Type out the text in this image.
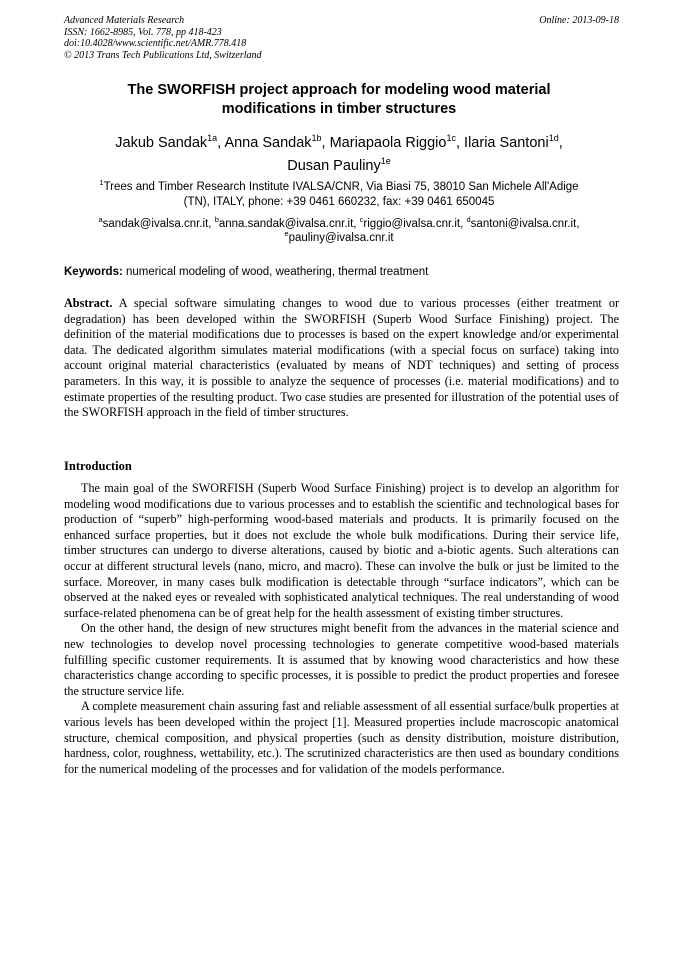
Advanced Materials Research
ISSN: 1662-8985, Vol. 778, pp 418-423
doi:10.4028/www.scientific.net/AMR.778.418
© 2013 Trans Tech Publications Ltd, Switzerland
Online: 2013-09-18
The SWORFISH project approach for modeling wood material
modifications in timber structures
Jakub Sandak$^{1a}$, Anna Sandak$^{1b}$, Mariapaola Riggio$^{1c}$, Ilaria Santoni$^{1d}$,
Dusan Pauliny$^{1e}$
$^1$Trees and Timber Research Institute IVALSA/CNR, Via Biasi 75, 38010 San Michele All'Adige
(TN), ITALY, phone: +39 0461 660232, fax: +39 0461 650045
$^a$sandak@ivalsa.cnr.it, $^b$anna.sandak@ivalsa.cnr.it, $^c$riggio@ivalsa.cnr.it, $^d$santoni@ivalsa.cnr.it,
$^e$pauliny@ivalsa.cnr.it
Keywords: numerical modeling of wood, weathering, thermal treatment
Abstract. A special software simulating changes to wood due to various processes (either treatment or degradation) has been developed within the SWORFISH (Superb Wood Surface Finishing) project. The definition of the material modifications due to processes is based on the expert knowledge and/or experimental data. The dedicated algorithm simulates material modifications (with a special focus on surface) taking into account original material characteristics (evaluated by means of NDT techniques) and setting of process parameters. In this way, it is possible to analyze the sequence of processes (i.e. material modifications) and to estimate properties of the resulting product. Two case studies are presented for illustration of the potential uses of the SWORFISH approach in the field of timber structures.
Introduction

The main goal of the SWORFISH (Superb Wood Surface Finishing) project is to develop an algorithm for modeling wood modifications due to various processes and to establish the scientific and technological bases for production of “superb” high-performing wood-based materials and products. It is primarily focused on the enhanced surface properties, but it does not exclude the whole bulk modifications. During their service life, timber structures can undergo to diverse alterations, caused by biotic and a-biotic agents. Such alterations can occur at different structural levels (nano, micro, and macro). These can involve the bulk or just be limited to the surface. Moreover, in many cases bulk modification is detectable through “surface indicators”, which can be observed at the naked eyes or revealed with sophisticated analytical techniques. The real understanding of wood surface-related phenomena can be of great help for the health assessment of existing timber structures.

On the other hand, the design of new structures might benefit from the advances in the material science and new technologies to develop novel processing technologies to generate competitive wood-based materials fulfilling specific customer requirements. It is assumed that by knowing wood characteristics and how these characteristics change according to specific processes, it is possible to predict the product properties and foresee the structure service life.

A complete measurement chain assuring fast and reliable assessment of all essential surface/bulk properties at various levels has been developed within the project [1]. Measured properties include macroscopic anatomical structure, chemical composition, and physical properties (such as density distribution, moisture distribution, hardness, color, roughness, wettability, etc.). The scrutinized characteristics are then used as boundary conditions for the numerical modeling of the processes and for validation of the models performance.
